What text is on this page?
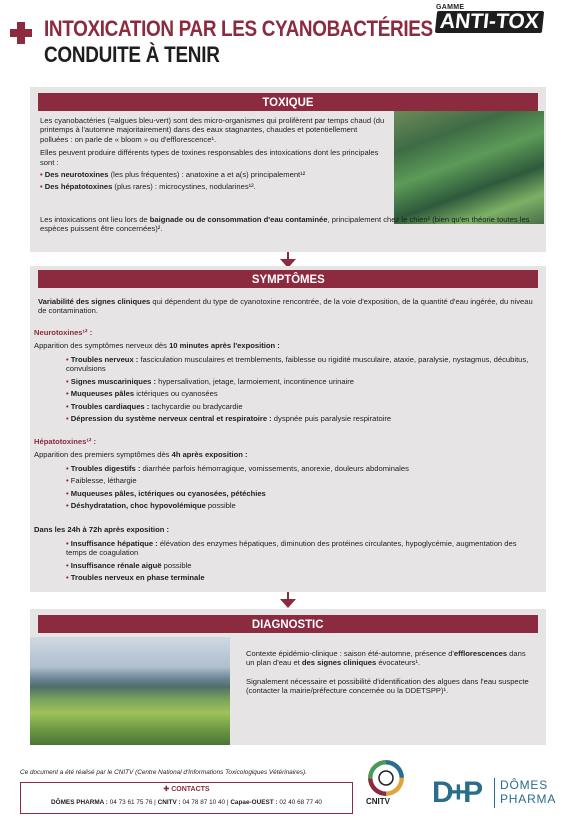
INTOXICATION PAR LES CYANOBACTÉRIES
CONDUITE À TENIR
GAMME
ANTI-TOX
TOXIQUE

Les cyanobactéries (=algues bleu-vert) sont des micro-organismes qui prolifèrent par temps chaud (du printemps à l'automne majoritairement) dans des eaux stagnantes, chaudes et potentiellement polluées : on parle de « bloom » ou d'efflorescence¹.

Elles peuvent produire différents types de toxines responsables des intoxications dont les principales sont :

• Des neurotoxines (les plus fréquentes) : anatoxine a et a(s) principalement¹²

• Des hépatotoxines (plus rares) : microcystines, nodularines¹².

Les intoxications ont lieu lors de baignade ou de consommation d'eau contaminée, principalement chez le chien² (bien qu'en théorie toutes les espèces puissent être concernées)².

SYMPTÔMES

Variabilité des signes cliniques qui dépendent du type de cyanotoxine rencontrée, de la voie d'exposition, de la quantité d'eau ingérée, du niveau de contamination.

Neurotoxines¹² :

Apparition des symptômes nerveux dès 10 minutes après l'exposition :

• Troubles nerveux : fasciculation musculaires et tremblements, faiblesse ou rigidité musculaire, ataxie, paralysie, nystagmus, décubitus, convulsions
• Signes muscariniques : hypersalivation, jetage, larmoiement, incontinence urinaire
• Muqueuses pâles ictériques ou cyanosées
• Troubles cardiaques : tachycardie ou bradycardie
• Dépression du système nerveux central et respiratoire : dyspnée puis paralysie respiratoire

Hépatotoxines¹² :

Apparition des premiers symptômes dès 4h après exposition :

• Troubles digestifs : diarrhée parfois hémorragique, vomissements, anorexie, douleurs abdominales
• Faiblesse, léthargie
• Muqueuses pâles, ictériques ou cyanosées, pétéchies
• Déshydratation, choc hypovolémique possible

Dans les 24h à 72h après exposition :

• Insuffisance hépatique : élévation des enzymes hépatiques, diminution des protéines circulantes, hypoglycémie, augmentation des temps de coagulation
• Insuffisance rénale aiguë possible
• Troubles nerveux en phase terminale
DIAGNOSTIC

Contexte épidémio-clinique : saison été-automne, présence d'efflorescences dans un plan d'eau et des signes cliniques évocateurs¹.

Signalement nécessaire et possibilité d'identification des algues dans l'eau suspecte (contacter la mairie/préfecture concernée ou la DDETSPP)¹.

Ce document a été réalisé par le CNITV (Centre National d'Informations Toxicologiques Vétérinaires).
✚ CONTACTS
DÔMES PHARMA : 04 73 61 75 76 | CNITV : 04 78 87 10 40 | Capae-OUEST : 02 40 68 77 40	CNITV D+P DÔMES
PHARMA
